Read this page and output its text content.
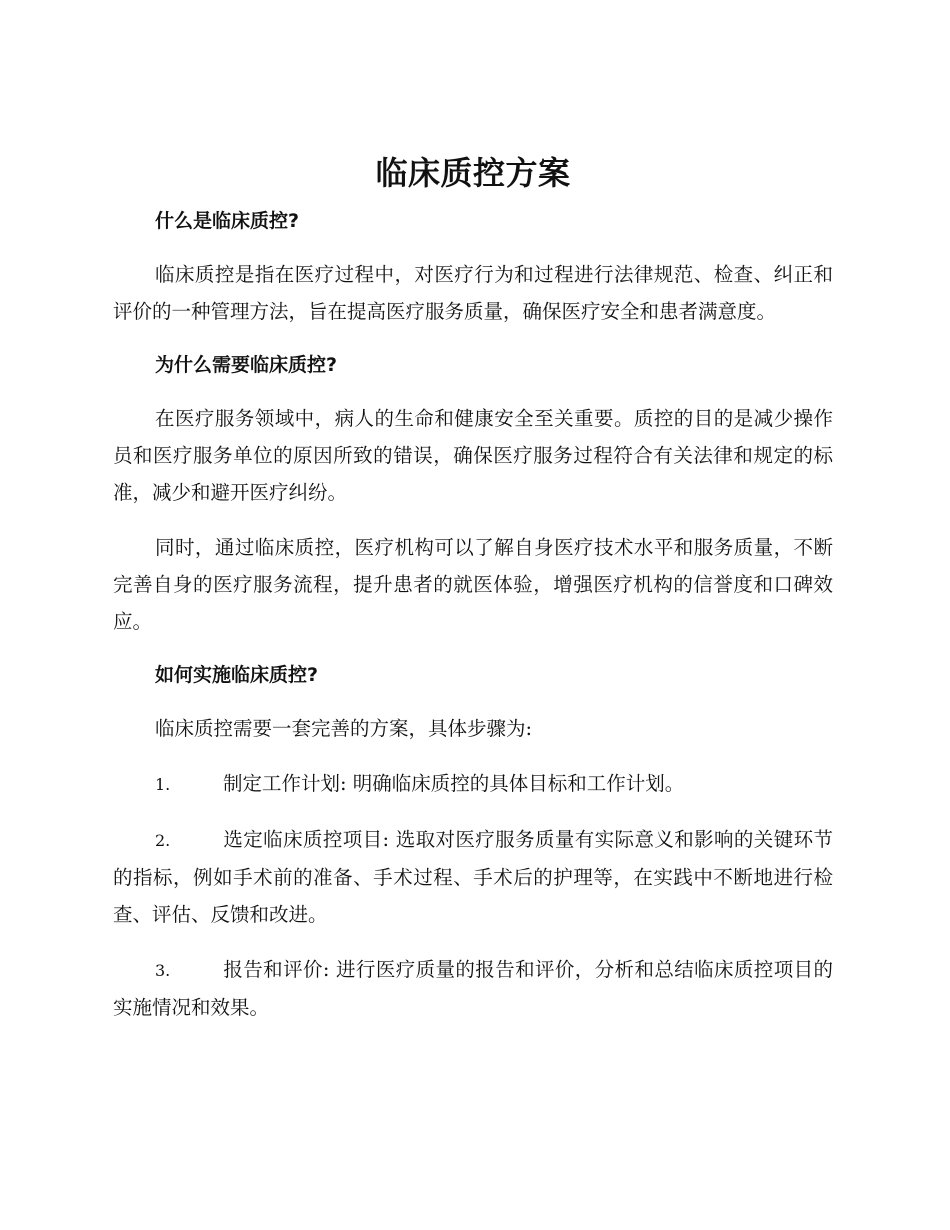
临床质控方案
什么是临床质控?

临床质控是指在医疗过程中，对医疗行为和过程进行法律规范、检查、纠正和评价的一种管理方法，旨在提高医疗服务质量，确保医疗安全和患者满意度。

为什么需要临床质控?

在医疗服务领域中，病人的生命和健康安全至关重要。质控的目的是减少操作员和医疗服务单位的原因所致的错误，确保医疗服务过程符合有关法律和规定的标准，减少和避开医疗纠纷。

同时，通过临床质控，医疗机构可以了解自身医疗技术水平和服务质量，不断完善自身的医疗服务流程，提升患者的就医体验，增强医疗机构的信誉度和口碑效应。

如何实施临床质控?

临床质控需要一套完善的方案，具体步骤为:

1.	制定工作计划: 明确临床质控的具体目标和工作计划。

2.	选定临床质控项目: 选取对医疗服务质量有实际意义和影响的关键环节的指标，例如手术前的准备、手术过程、手术后的护理等，在实践中不断地进行检查、评估、反馈和改进。

3.	报告和评价: 进行医疗质量的报告和评价，分析和总结临床质控项目的实施情况和效果。
